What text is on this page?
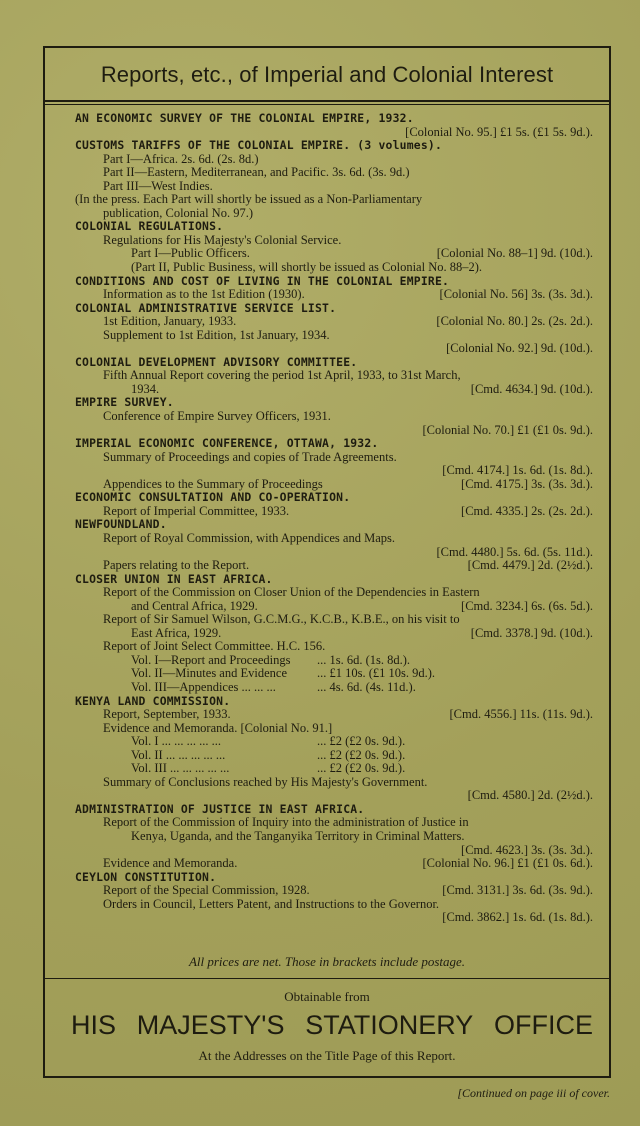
Reports, etc., of Imperial and Colonial Interest
AN ECONOMIC SURVEY OF THE COLONIAL EMPIRE, 1932.
[Colonial No. 95.] £1 5s. (£1 5s. 9d.).
CUSTOMS TARIFFS OF THE COLONIAL EMPIRE. (3 volumes).
Part I—Africa. 2s. 6d. (2s. 8d.)
Part II—Eastern, Mediterranean, and Pacific. 3s. 6d. (3s. 9d.)
Part III—West Indies.
(In the press. Each Part will shortly be issued as a Non-Parliamentary
publication, Colonial No. 97.)
COLONIAL REGULATIONS.
Regulations for His Majesty's Colonial Service.
Part I—Public Officers.	[Colonial No. 88–1] 9d. (10d.).
(Part II, Public Business, will shortly be issued as Colonial No. 88–2).
CONDITIONS AND COST OF LIVING IN THE COLONIAL EMPIRE.
Information as to the 1st Edition (1930).	[Colonial No. 56] 3s. (3s. 3d.).
COLONIAL ADMINISTRATIVE SERVICE LIST.
1st Edition, January, 1933.	[Colonial No. 80.] 2s. (2s. 2d.).
Supplement to 1st Edition, 1st January, 1934.
[Colonial No. 92.] 9d. (10d.).
COLONIAL DEVELOPMENT ADVISORY COMMITTEE.
Fifth Annual Report covering the period 1st April, 1933, to 31st March,
1934.	[Cmd. 4634.] 9d. (10d.).
EMPIRE SURVEY.
Conference of Empire Survey Officers, 1931.
[Colonial No. 70.] £1 (£1 0s. 9d.).
IMPERIAL ECONOMIC CONFERENCE, OTTAWA, 1932.
Summary of Proceedings and copies of Trade Agreements.
[Cmd. 4174.] 1s. 6d. (1s. 8d.).
Appendices to the Summary of Proceedings	[Cmd. 4175.] 3s. (3s. 3d.).
ECONOMIC CONSULTATION AND CO-OPERATION.
Report of Imperial Committee, 1933.	[Cmd. 4335.] 2s. (2s. 2d.).
NEWFOUNDLAND.
Report of Royal Commission, with Appendices and Maps.
[Cmd. 4480.] 5s. 6d. (5s. 11d.).
Papers relating to the Report.	[Cmd. 4479.] 2d. (2½d.).
CLOSER UNION IN EAST AFRICA.
Report of the Commission on Closer Union of the Dependencies in Eastern
and Central Africa, 1929.	[Cmd. 3234.] 6s. (6s. 5d.).
Report of Sir Samuel Wilson, G.C.M.G., K.C.B., K.B.E., on his visit to
East Africa, 1929.	[Cmd. 3378.] 9d. (10d.).
Report of Joint Select Committee. H.C. 156.
Vol. I—Report and Proceedings ... 1s. 6d. (1s. 8d.).
Vol. II—Minutes and Evidence ... £1 10s. (£1 10s. 9d.).
Vol. III—Appendices ... ... ...	... 4s. 6d. (4s. 11d.).
KENYA LAND COMMISSION.
Report, September, 1933.	[Cmd. 4556.] 11s. (11s. 9d.).
Evidence and Memoranda. [Colonial No. 91.]
Vol. I ... ... ... ... ...	... £2 (£2 0s. 9d.).
Vol. II ... ... ... ... ...	... £2 (£2 0s. 9d.).
Vol. III ... ... ... ... ...	... £2 (£2 0s. 9d.).
Summary of Conclusions reached by His Majesty's Government.
[Cmd. 4580.] 2d. (2½d.).
ADMINISTRATION OF JUSTICE IN EAST AFRICA.
Report of the Commission of Inquiry into the administration of Justice in
Kenya, Uganda, and the Tanganyika Territory in Criminal Matters.
[Cmd. 4623.] 3s. (3s. 3d.).
Evidence and Memoranda.	[Colonial No. 96.] £1 (£1 0s. 6d.).
CEYLON CONSTITUTION.
Report of the Special Commission, 1928.	[Cmd. 3131.] 3s. 6d. (3s. 9d.).
Orders in Council, Letters Patent, and Instructions to the Governor.
[Cmd. 3862.] 1s. 6d. (1s. 8d.).
All prices are net. Those in brackets include postage.
Obtainable from
HIS MAJESTY'S STATIONERY OFFICE
At the Addresses on the Title Page of this Report.
[Continued on page iii of cover.
